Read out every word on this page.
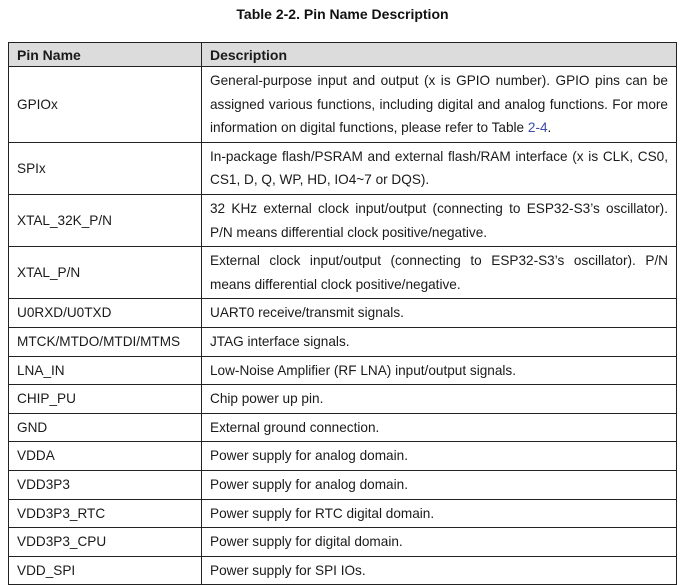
Table 2-2. Pin Name Description
Pin Name	Description
GPIOx	General-purpose input and output (x is GPIO number). GPIO pins can be assigned various functions, including digital and analog functions. For more information on digital functions, please refer to Table 2-4.
SPIx	In-package flash/PSRAM and external flash/RAM interface (x is CLK, CS0, CS1, D, Q, WP, HD, IO4~7 or DQS).
XTAL_32K_P/N	32 KHz external clock input/output (connecting to ESP32-S3’s oscillator). P/N means differential clock positive/negative.
XTAL_P/N	External clock input/output (connecting to ESP32-S3’s oscillator). P/N means differential clock positive/negative.
U0RXD/U0TXD	UART0 receive/transmit signals.
MTCK/MTDO/MTDI/MTMS	JTAG interface signals.
LNA_IN	Low-Noise Amplifier (RF LNA) input/output signals.
CHIP_PU	Chip power up pin.
GND	External ground connection.
VDDA	Power supply for analog domain.
VDD3P3	Power supply for analog domain.
VDD3P3_RTC	Power supply for RTC digital domain.
VDD3P3_CPU	Power supply for digital domain.
VDD_SPI	Power supply for SPI IOs.
